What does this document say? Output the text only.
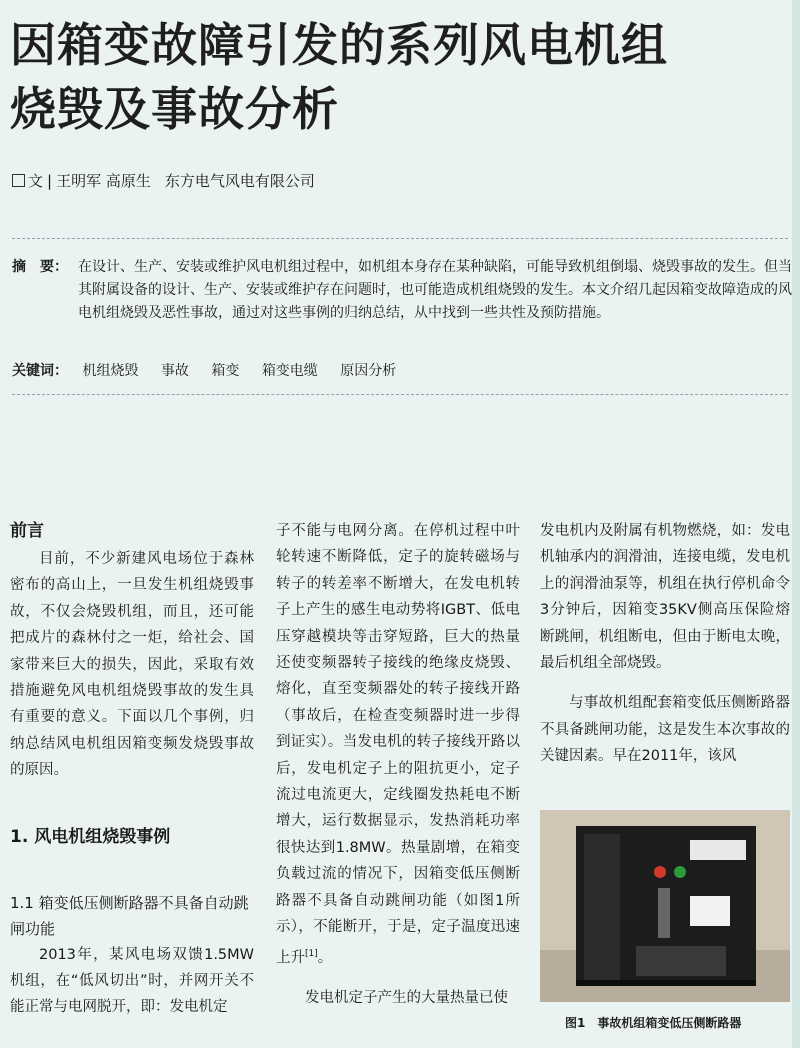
因箱变故障引发的系列风电机组
烧毁及事故分析
文 | 王明军 高原生 东方电气风电有限公司
摘　要： 在设计、生产、安装或维护风电机组过程中，如机组本身存在某种缺陷，可能导致机组倒塌、烧毁事故的发生。但当其附属设备的设计、生产、安装或维护存在问题时，也可能造成机组烧毁的发生。本文介绍几起因箱变故障造成的风电机组烧毁及恶性事故，通过对这些事例的归纳总结，从中找到一些共性及预防措施。
关键词： 机组烧毁 事故 箱变 箱变电缆 原因分析
前言

目前，不少新建风电场位于森林密布的高山上，一旦发生机组烧毁事故，不仅会烧毁机组，而且，还可能把成片的森林付之一炬，给社会、国家带来巨大的损失，因此，采取有效措施避免风电机组烧毁事故的发生具有重要的意义。下面以几个事例，归纳总结风电机组因箱变频发烧毁事故的原因。

1. 风电机组烧毁事例
1.1 箱变低压侧断路器不具备自动跳闸功能

2013年，某风电场双馈1.5MW机组，在“低风切出”时，并网开关不能正常与电网脱开，即：发电机定

子不能与电网分离。在停机过程中叶轮转速不断降低，定子的旋转磁场与转子的转差率不断增大，在发电机转子上产生的感生电动势将IGBT、低电压穿越模块等击穿短路，巨大的热量还使变频器转子接线的绝缘皮烧毁、熔化，直至变频器处的转子接线开路（事故后，在检查变频器时进一步得到证实）。当发电机的转子接线开路以后，发电机定子上的阻抗更小，定子流过电流更大，定线圈发热耗电不断增大，运行数据显示，发热消耗功率很快达到1.8MW。热量剧增，在箱变负载过流的情况下，因箱变低压侧断路器不具备自动跳闸功能（如图1所示），不能断开，于是，定子温度迅速上升[1]。

发电机定子产生的大量热量已使

发电机内及附属有机物燃烧，如：发电机轴承内的润滑油，连接电缆，发电机上的润滑油泵等，机组在执行停机命令3分钟后，因箱变35KV侧高压保险熔断跳闸，机组断电，但由于断电太晚，最后机组全部烧毁。

与事故机组配套箱变低压侧断路器不具备跳闸功能，这是发生本次事故的关键因素。早在2011年，该风

图1　事故机组箱变低压侧断路器
